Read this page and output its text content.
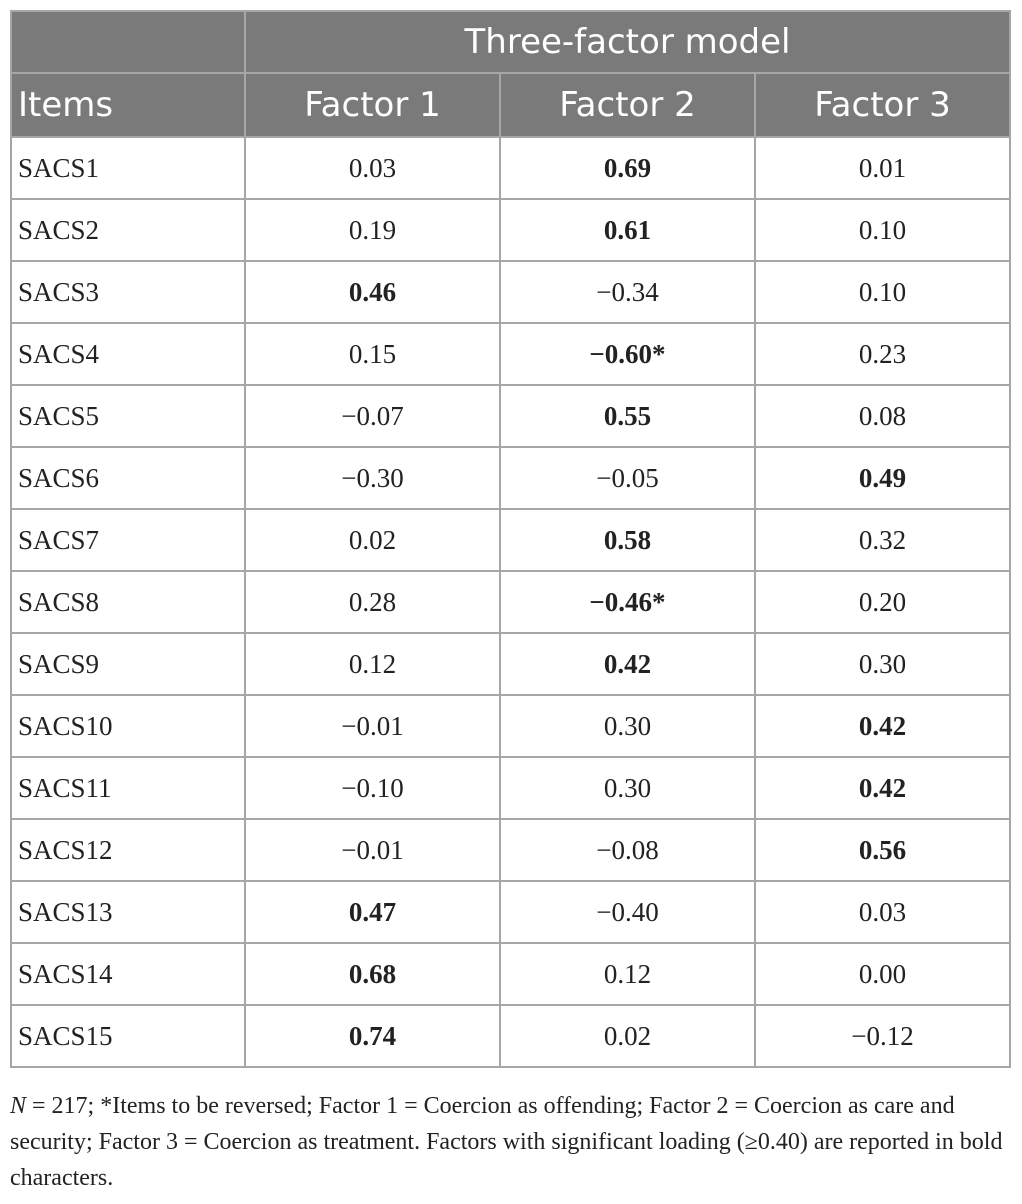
	Three-factor model		
Items	Factor 1	Factor 2	Factor 3
SACS1	0.03	0.69	0.01
SACS2	0.19	0.61	0.10
SACS3	0.46	−0.34	0.10
SACS4	0.15	−0.60*	0.23
SACS5	−0.07	0.55	0.08
SACS6	−0.30	−0.05	0.49
SACS7	0.02	0.58	0.32
SACS8	0.28	−0.46*	0.20
SACS9	0.12	0.42	0.30
SACS10	−0.01	0.30	0.42
SACS11	−0.10	0.30	0.42
SACS12	−0.01	−0.08	0.56
SACS13	0.47	−0.40	0.03
SACS14	0.68	0.12	0.00
SACS15	0.74	0.02	−0.12
N = 217; *Items to be reversed; Factor 1 = Coercion as offending; Factor 2 = Coercion as care and security; Factor 3 = Coercion as treatment. Factors with significant loading (≥0.40) are reported in bold characters.
